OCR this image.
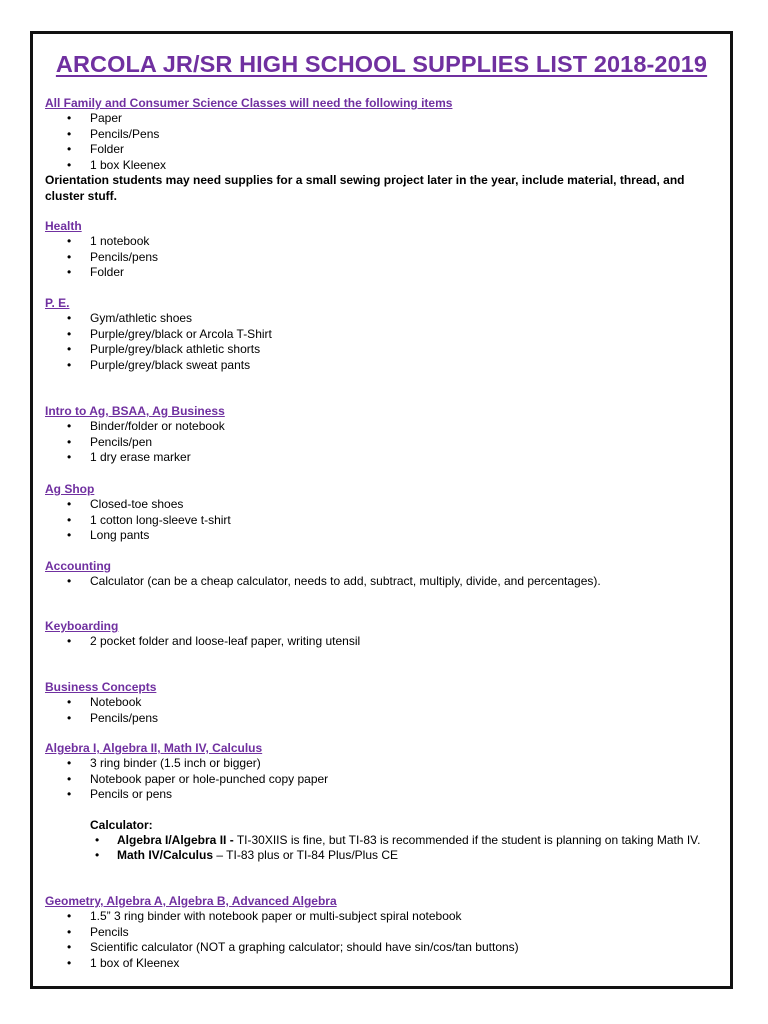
ARCOLA JR/SR HIGH SCHOOL SUPPLIES LIST 2018-2019
All Family and Consumer Science Classes will need the following items
• Paper
• Pencils/Pens
• Folder
• 1 box Kleenex
Orientation students may need supplies for a small sewing project later in the year, include material, thread, and cluster stuff.
Health
• 1 notebook
• Pencils/pens
• Folder
P. E.
• Gym/athletic shoes
• Purple/grey/black or Arcola T-Shirt
• Purple/grey/black athletic shorts
• Purple/grey/black sweat pants
Intro to Ag, BSAA, Ag Business
• Binder/folder or notebook
• Pencils/pen
• 1 dry erase marker
Ag Shop
• Closed-toe shoes
• 1 cotton long-sleeve t-shirt
• Long pants
Accounting
• Calculator (can be a cheap calculator, needs to add, subtract, multiply, divide, and percentages).
Keyboarding
• 2 pocket folder and loose-leaf paper, writing utensil
Business Concepts
• Notebook
• Pencils/pens
Algebra I, Algebra II, Math IV, Calculus
• 3 ring binder (1.5 inch or bigger)
• Notebook paper or hole-punched copy paper
• Pencils or pens
Calculator:
• Algebra I/Algebra II - TI-30XIIS is fine, but TI-83 is recommended if the student is planning on taking Math IV.
• Math IV/Calculus – TI-83 plus or TI-84 Plus/Plus CE
Geometry, Algebra A, Algebra B, Advanced Algebra
• 1.5” 3 ring binder with notebook paper or multi-subject spiral notebook
• Pencils
• Scientific calculator (NOT a graphing calculator; should have sin/cos/tan buttons)
• 1 box of Kleenex
